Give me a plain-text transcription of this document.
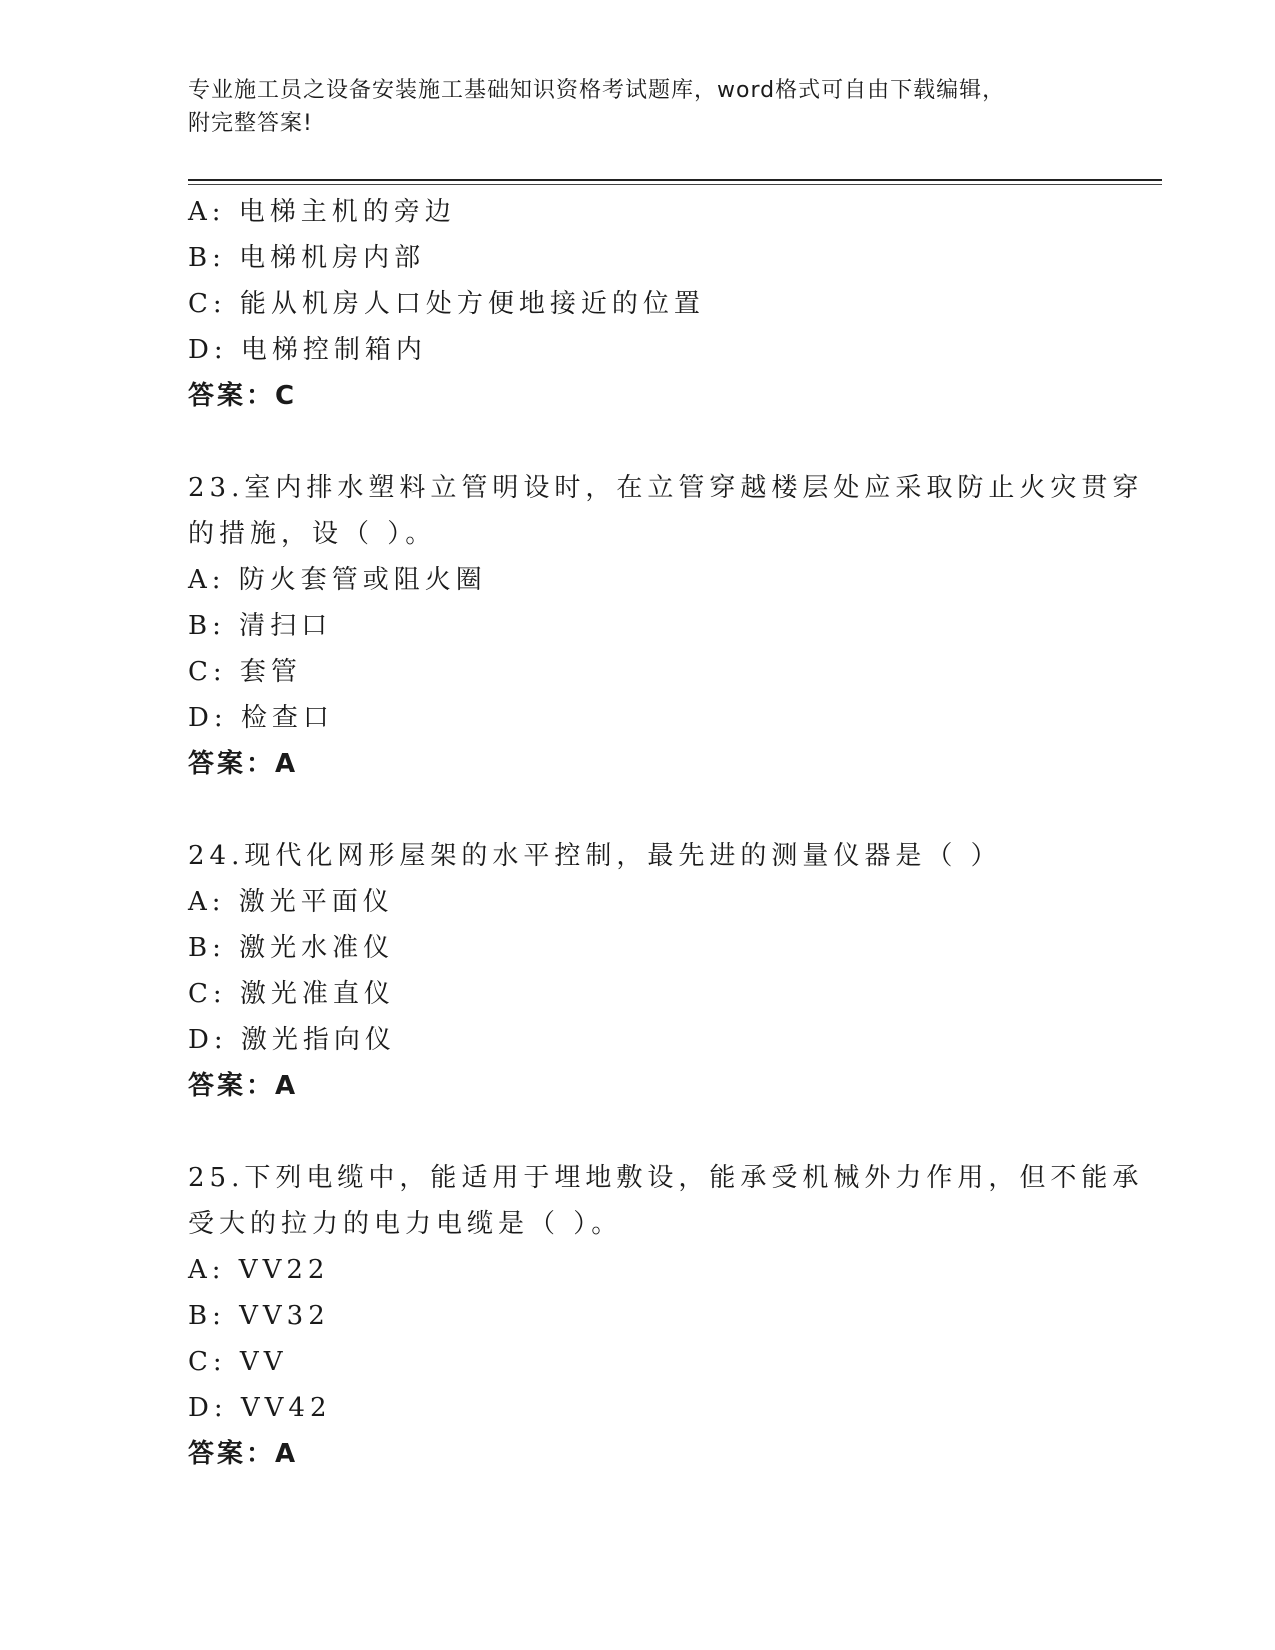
专业施工员之设备安装施工基础知识资格考试题库，word格式可自由下载编辑，
附完整答案!
A: 电梯主机的旁边
B: 电梯机房内部
C: 能从机房人口处方便地接近的位置
D: 电梯控制箱内
答案：C
23.室内排水塑料立管明设时，在立管穿越楼层处应采取防止火灾贯穿
的措施，设（ ）。
A: 防火套管或阻火圈
B: 清扫口
C: 套管
D: 检查口
答案：A
24.现代化网形屋架的水平控制，最先进的测量仪器是（ ）
A: 激光平面仪
B: 激光水准仪
C: 激光准直仪
D: 激光指向仪
答案：A
25.下列电缆中，能适用于埋地敷设，能承受机械外力作用，但不能承
受大的拉力的电力电缆是（ ）。
A: VV22
B: VV32
C: VV
D: VV42
答案：A
